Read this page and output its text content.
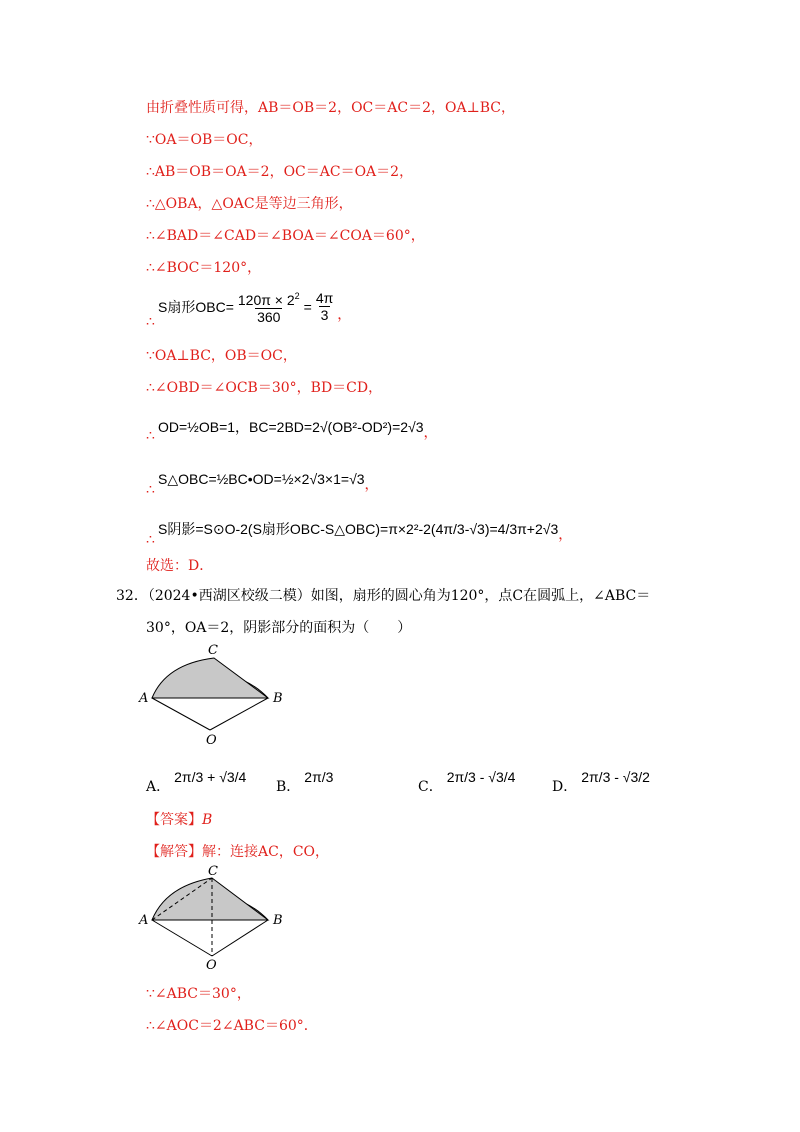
由折叠性质可得，AB＝OB＝2，OC＝AC＝2，OA⊥BC，
∵OA＝OB＝OC，
∴AB＝OB＝OA＝2，OC＝AC＝OA＝2，
∴△OBA，△OAC是等边三角形，
∴∠BAD＝∠CAD＝∠BOA＝∠COA＝60°，
∴∠BOC＝120°，
∴
S扇形OBC = $\frac{120\pi \times 2^2}{360} = \frac{4\pi}{3}$ ，
∵OA⊥BC，OB＝OC，
∴∠OBD＝∠OCB＝30°，BD＝CD，
∴
OD=½OB=1，BC=2BD=2√(OB²-OD²)=2√3 ，
∴
S△OBC=½BC•OD=½×2√3×1=√3 ，
∴
S阴影=S⊙O-2(S扇形OBC-S△OBC)=π×2²-2(4π/3-√3)=4/3π+2√3 ，
故选：D．
32．（2024•西湖区校级二模）如图，扇形的圆心角为120°，点C在圆弧上，∠ABC＝
30°，OA＝2，阴影部分的面积为（　　）
C
A	B
O
A．
2π/3 + √3/4
B．
2π/3
C．
2π/3 - √3/4
D．
2π/3 - √3/2
【答案】B
【解答】解：连接AC，CO，
C
A	B
O
∵∠ABC＝30°，
∴∠AOC＝2∠ABC＝60°．
